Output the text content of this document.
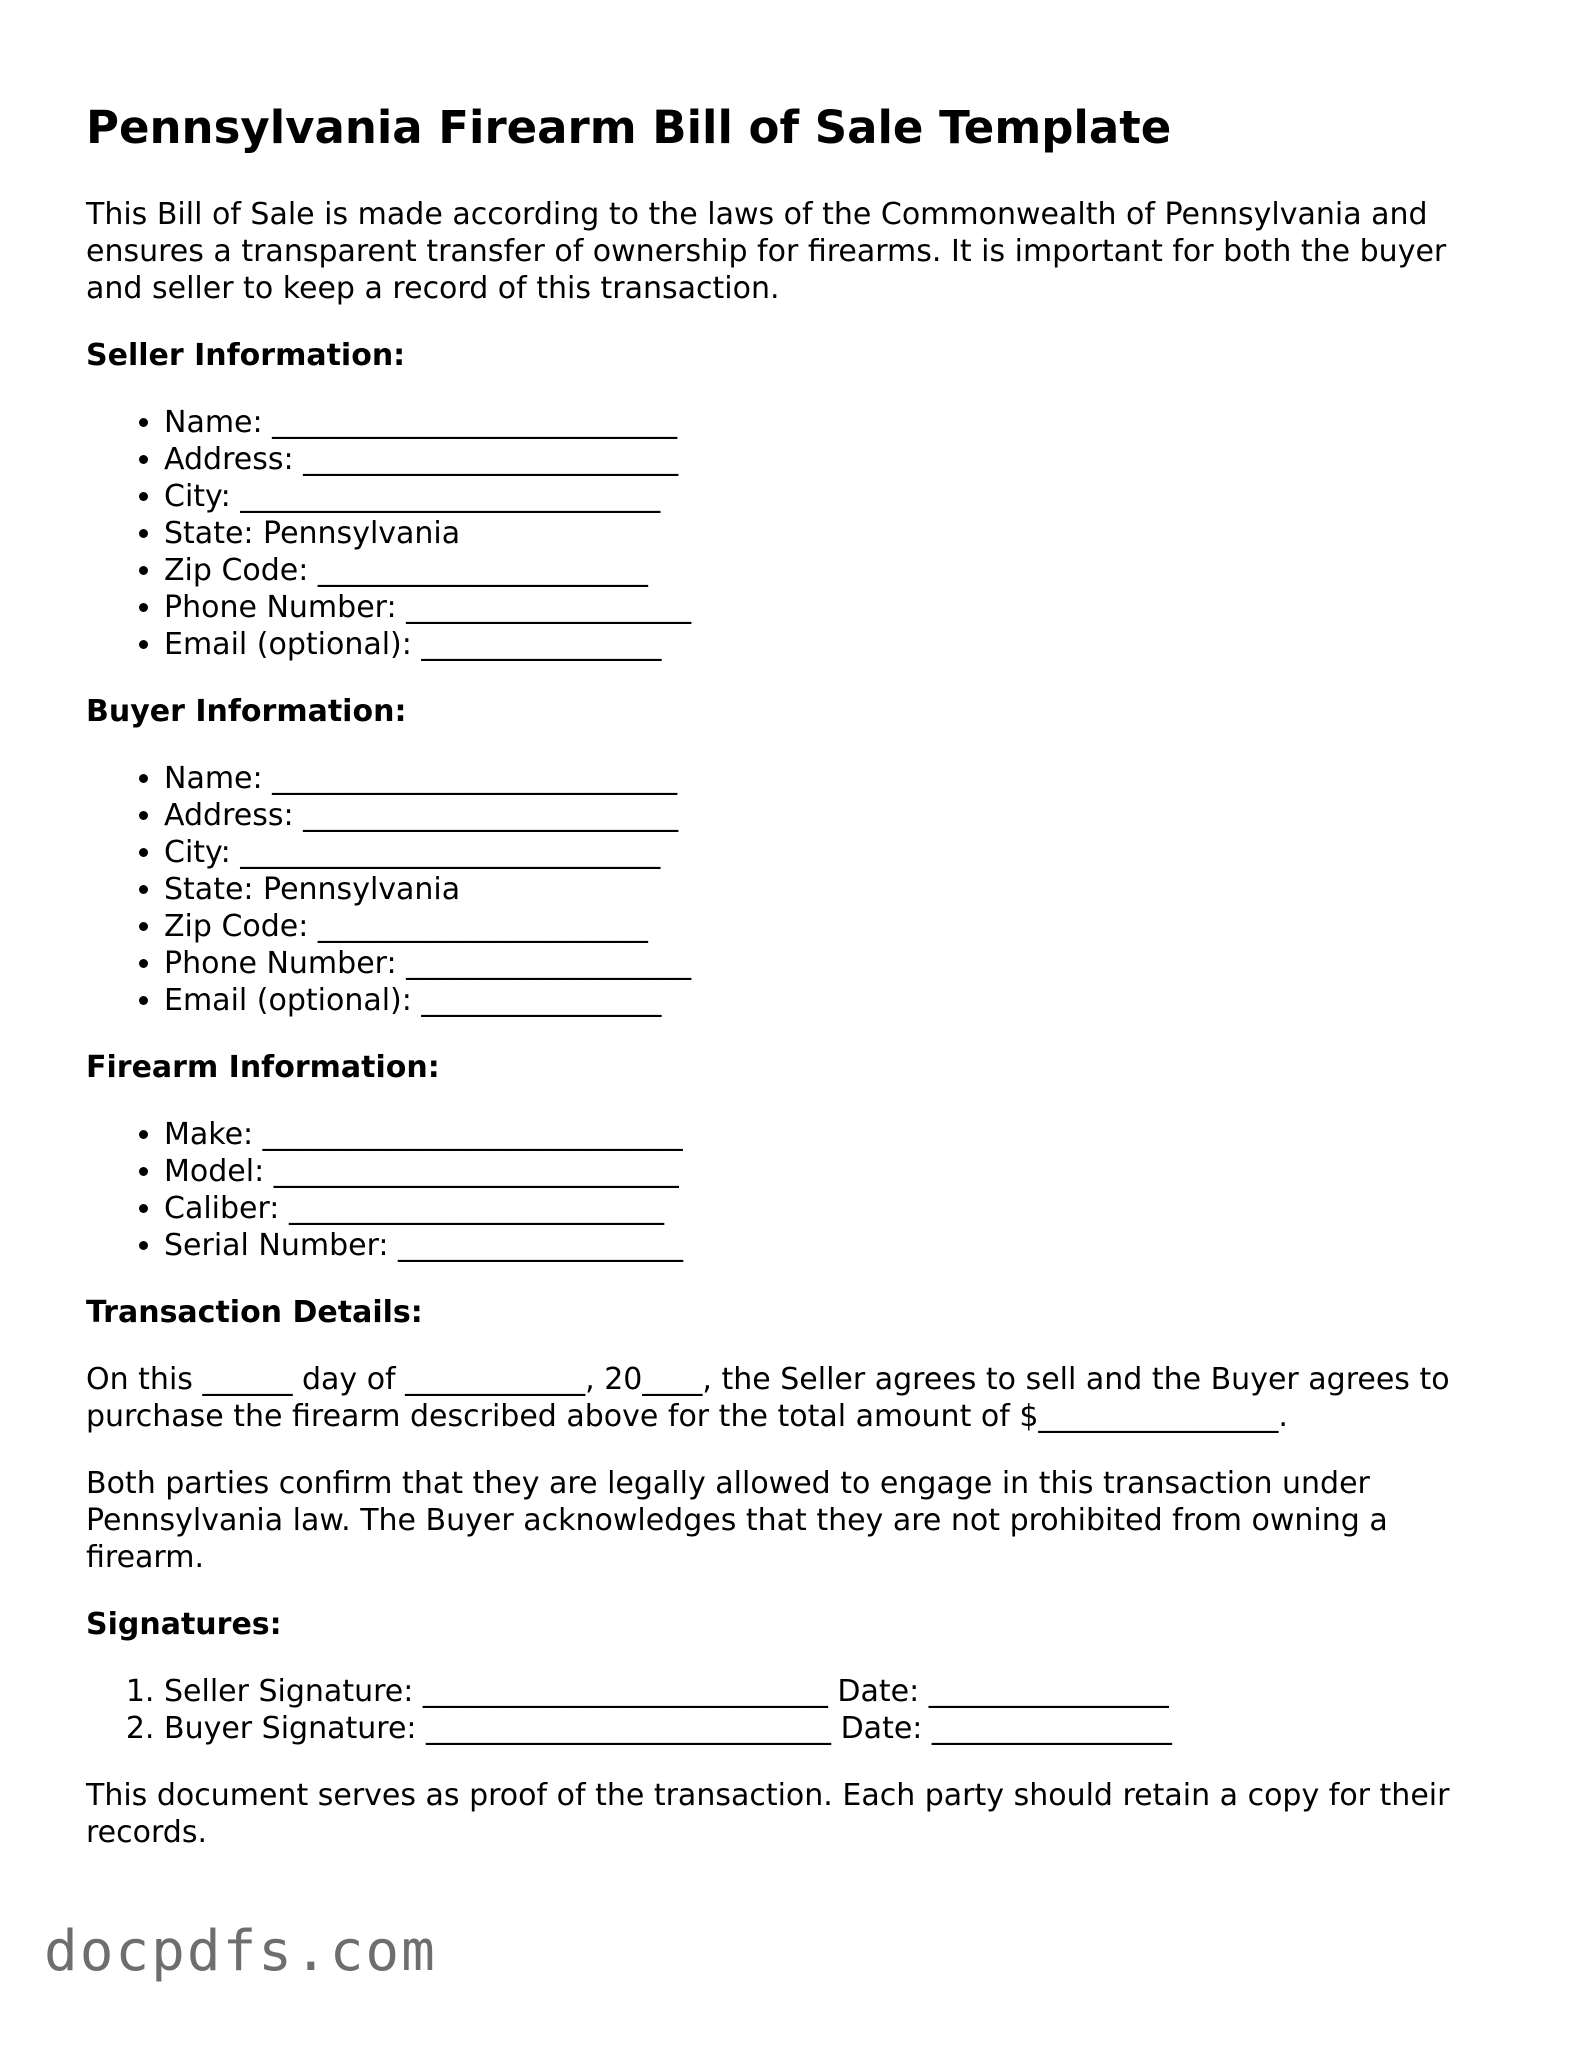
Pennsylvania Firearm Bill of Sale Template

This Bill of Sale is made according to the laws of the Commonwealth of Pennsylvania and ensures a transparent transfer of ownership for firearms. It is important for both the buyer and seller to keep a record of this transaction.

Seller Information:
• Name: ___________________________
• Address: _________________________
• City: ____________________________
• State: Pennsylvania
• Zip Code: ______________________
• Phone Number: ___________________
• Email (optional): ________________
Buyer Information:
• Name: ___________________________
• Address: _________________________
• City: ____________________________
• State: Pennsylvania
• Zip Code: ______________________
• Phone Number: ___________________
• Email (optional): ________________
Firearm Information:
• Make: ____________________________
• Model: ___________________________
• Caliber: _________________________
• Serial Number: ___________________
Transaction Details:

On this ______ day of ____________, 20____, the Seller agrees to sell and the Buyer agrees to purchase the firearm described above for the total amount of $________________.

Both parties confirm that they are legally allowed to engage in this transaction under Pennsylvania law. The Buyer acknowledges that they are not prohibited from owning a firearm.

Signatures:
1. Seller Signature: ___________________________ Date: ________________
2. Buyer Signature: ___________________________ Date: ________________

This document serves as proof of the transaction. Each party should retain a copy for their records.

docpdfs.com
